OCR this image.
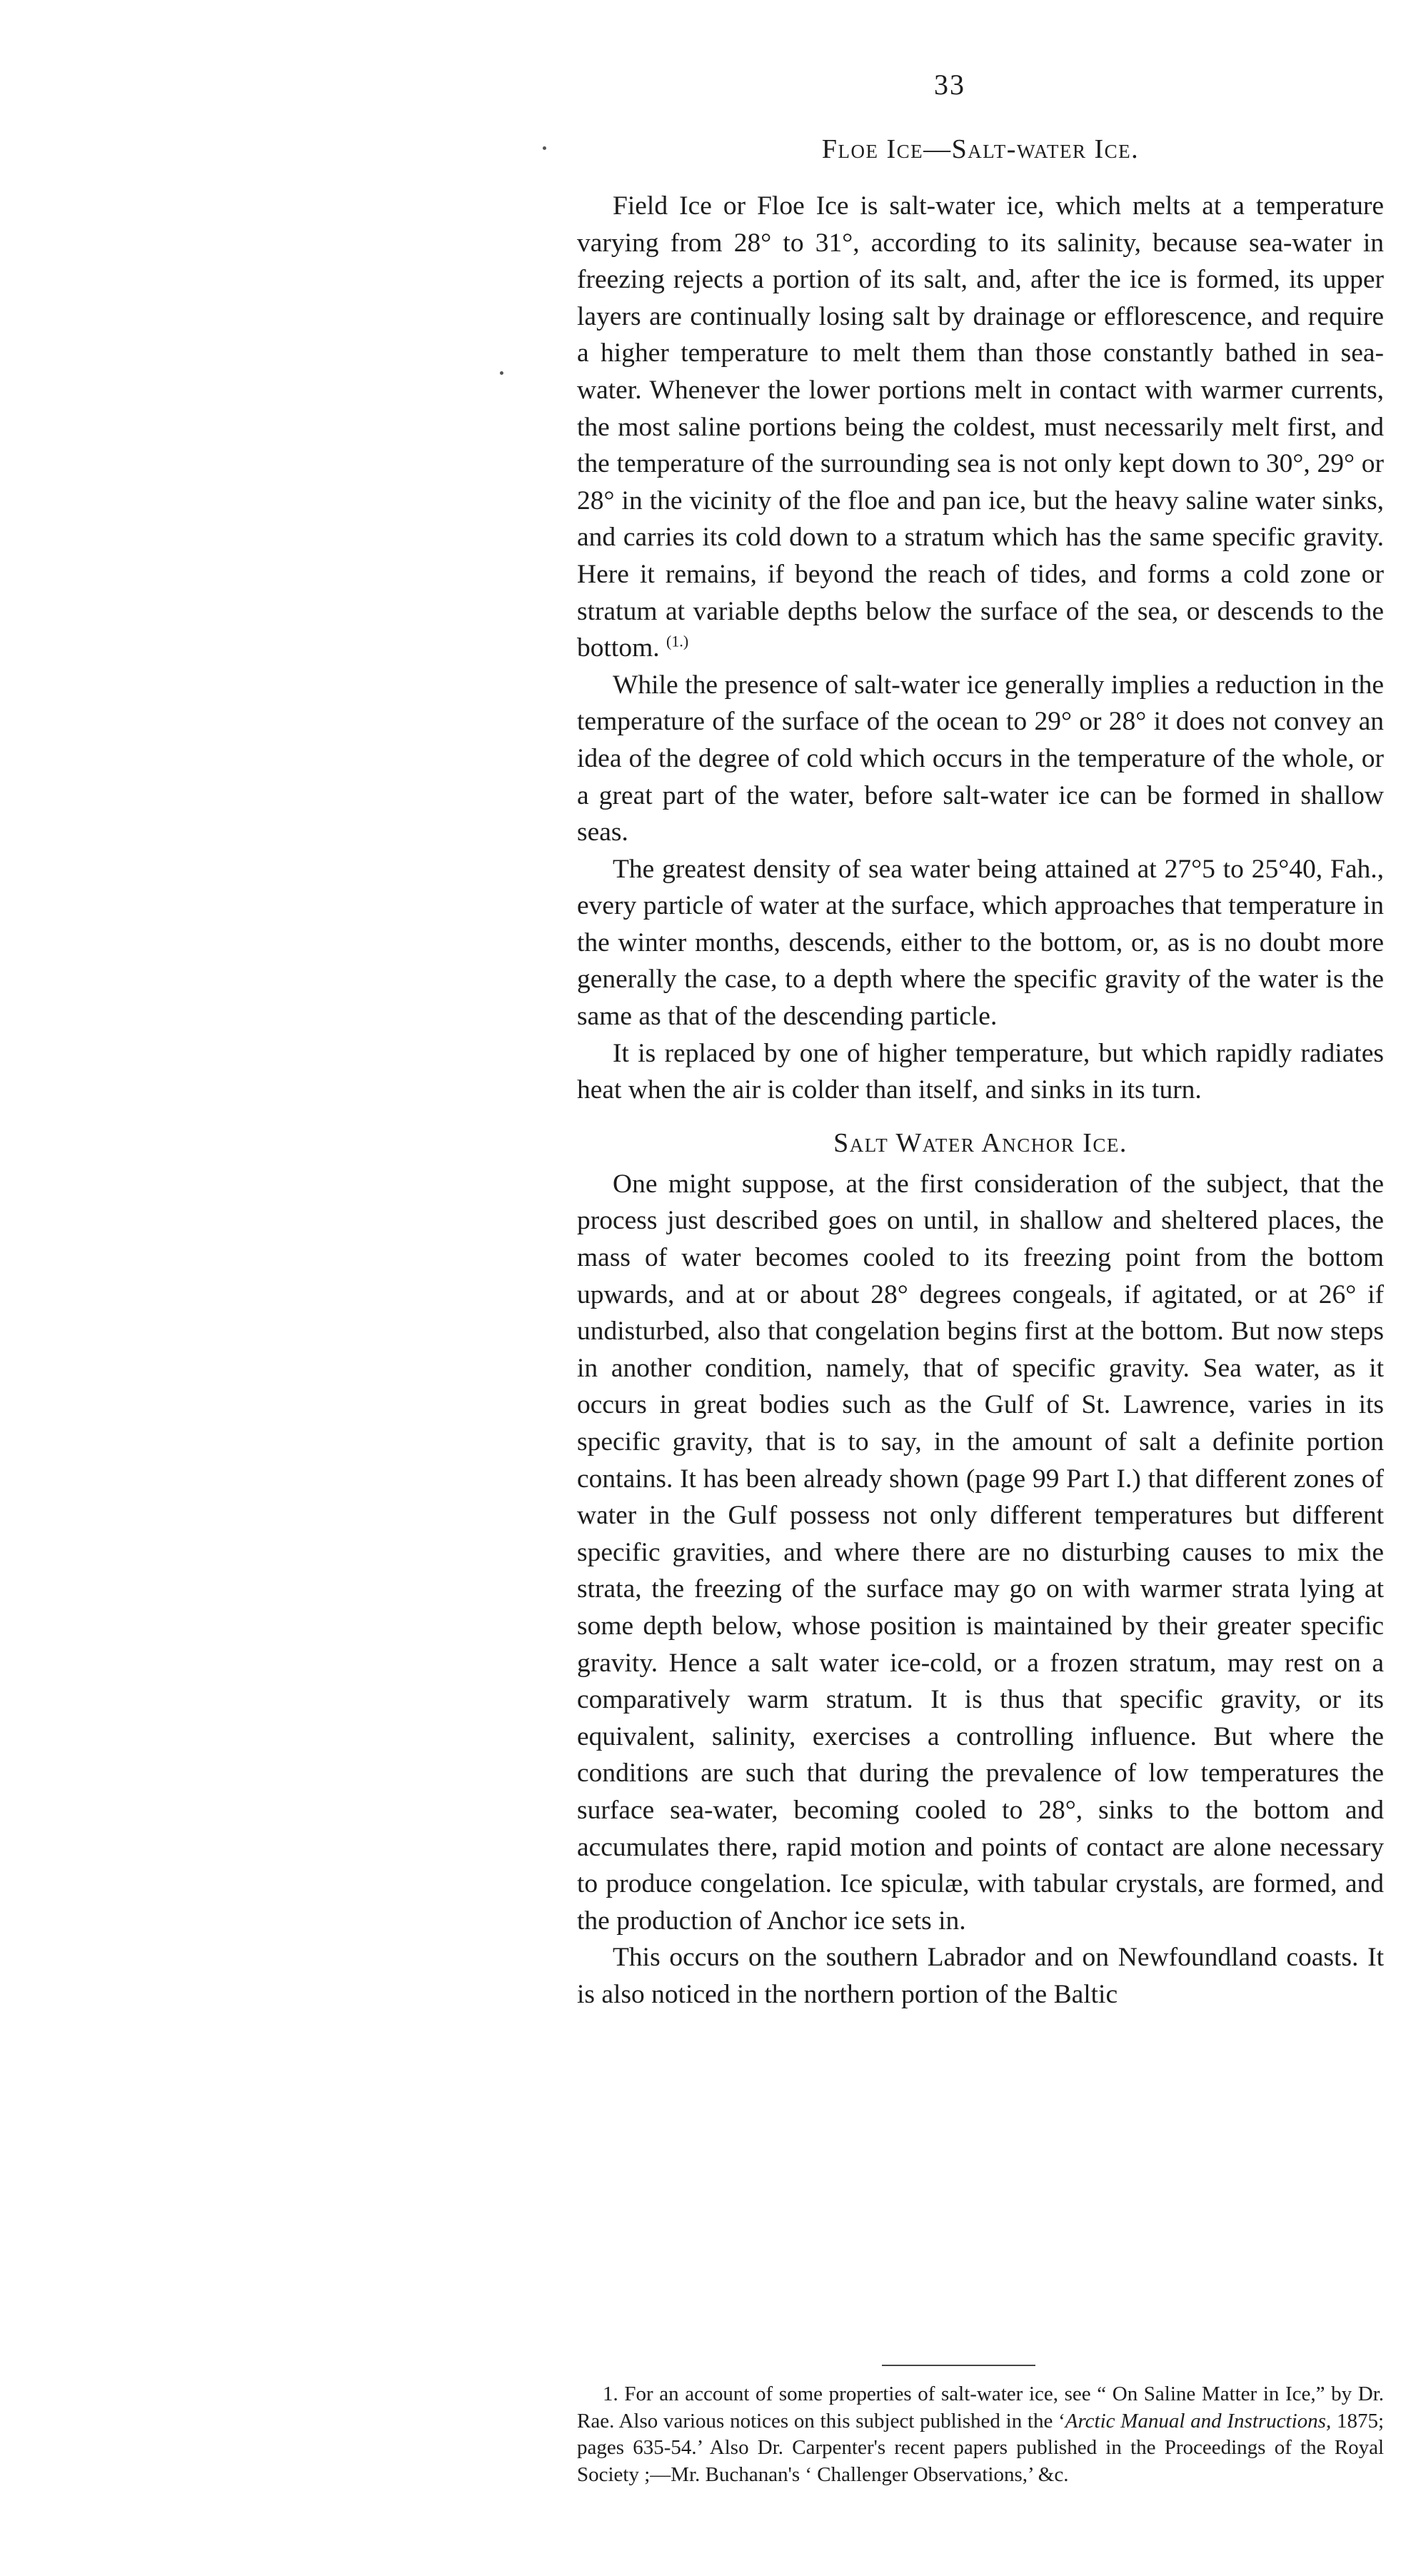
33
Floe Ice—Salt-water Ice.

Field Ice or Floe Ice is salt-water ice, which melts at a temperature varying from 28° to 31°, according to its salinity, because sea-water in freezing rejects a portion of its salt, and, after the ice is formed, its upper layers are continually losing salt by drainage or efflorescence, and require a higher temperature to melt them than those constantly bathed in sea-water. Whenever the lower portions melt in contact with warmer currents, the most saline portions being the coldest, must necessarily melt first, and the temperature of the surrounding sea is not only kept down to 30°, 29° or 28° in the vicinity of the floe and pan ice, but the heavy saline water sinks, and carries its cold down to a stratum which has the same specific gravity. Here it remains, if beyond the reach of tides, and forms a cold zone or stratum at variable depths below the surface of the sea, or descends to the bottom. $^{(1.)}$

While the presence of salt-water ice generally implies a reduction in the temperature of the surface of the ocean to 29° or 28° it does not convey an idea of the degree of cold which occurs in the temperature of the whole, or a great part of the water, before salt-water ice can be formed in shallow seas.

The greatest density of sea water being attained at 27°5 to 25°40, Fah., every particle of water at the surface, which approaches that temperature in the winter months, descends, either to the bottom, or, as is no doubt more generally the case, to a depth where the specific gravity of the water is the same as that of the descending particle.

It is replaced by one of higher temperature, but which rapidly radiates heat when the air is colder than itself, and sinks in its turn.

Salt Water Anchor Ice.

One might suppose, at the first consideration of the subject, that the process just described goes on until, in shallow and sheltered places, the mass of water becomes cooled to its freezing point from the bottom upwards, and at or about 28° degrees congeals, if agitated, or at 26° if undisturbed, also that congelation begins first at the bottom. But now steps in another condition, namely, that of specific gravity. Sea water, as it occurs in great bodies such as the Gulf of St. Lawrence, varies in its specific gravity, that is to say, in the amount of salt a definite portion contains. It has been already shown (page 99 Part I.) that different zones of water in the Gulf possess not only different temperatures but different specific gravities, and where there are no disturbing causes to mix the strata, the freezing of the surface may go on with warmer strata lying at some depth below, whose position is maintained by their greater specific gravity. Hence a salt water ice-cold, or a frozen stratum, may rest on a comparatively warm stratum. It is thus that specific gravity, or its equivalent, salinity, exercises a controlling influence. But where the conditions are such that during the prevalence of low temperatures the surface sea-water, becoming cooled to 28°, sinks to the bottom and accumulates there, rapid motion and points of contact are alone necessary to produce congelation. Ice spiculæ, with tabular crystals, are formed, and the production of Anchor ice sets in.

This occurs on the southern Labrador and on Newfoundland coasts. It is also noticed in the northern portion of the Baltic

1. For an account of some properties of salt-water ice, see “ On Saline Matter in Ice,” by Dr. Rae. Also various notices on this subject published in the ‘Arctic Manual and Instructions, 1875; pages 635-54.’ Also Dr. Carpenter's recent papers published in the Proceedings of the Royal Society ;—Mr. Buchanan's ‘ Challenger Observations,’ &c.
